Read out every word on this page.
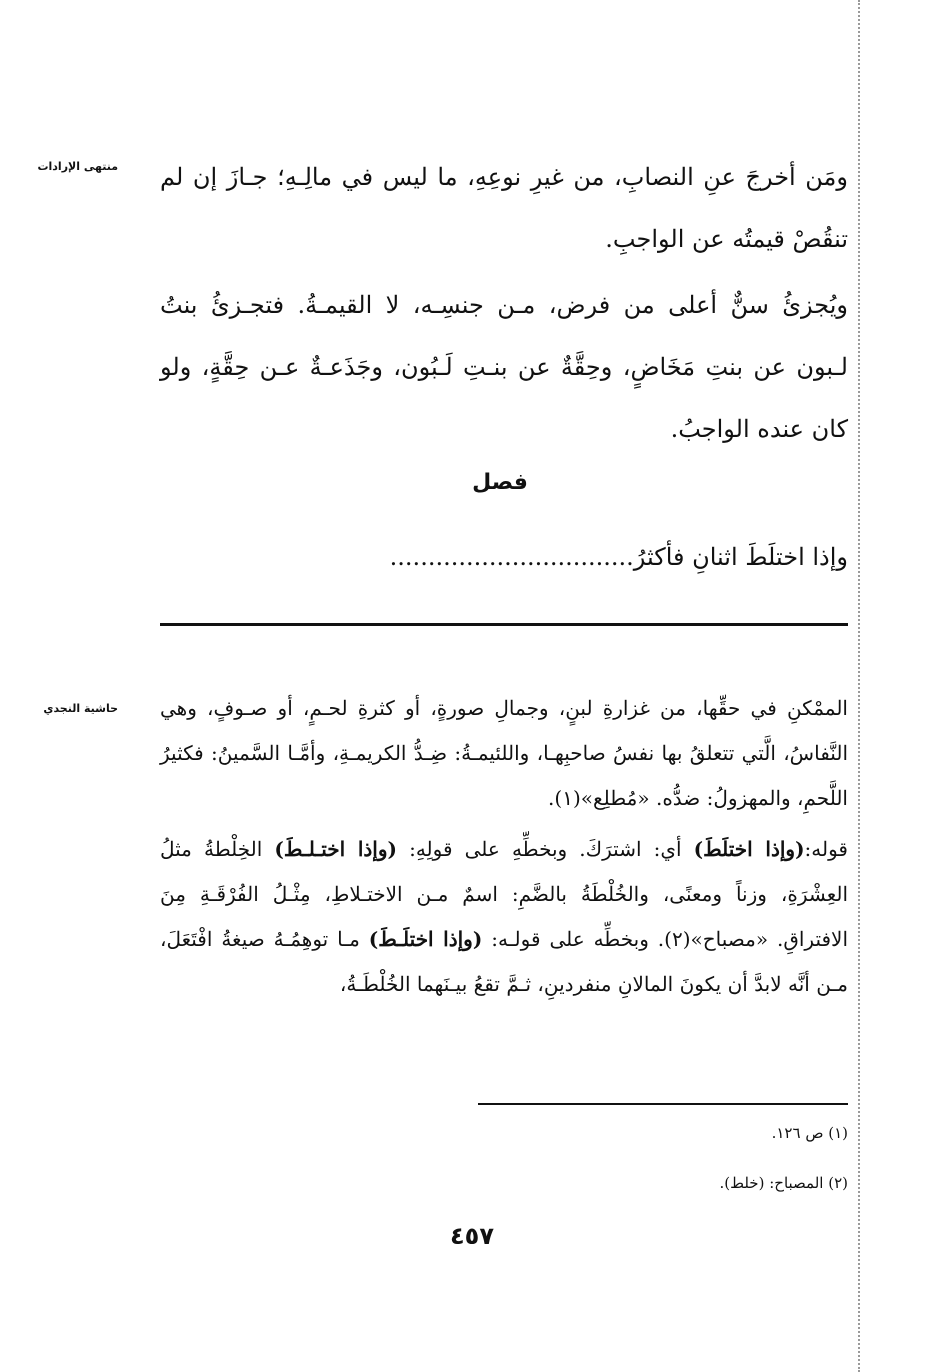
منتهى الإرادات ومَن أخرجَ عنِ النصابِ، من غيرِ نوعِهِ، ما ليس في مالِـهِ؛ جـازَ إن لم تنقُصْ قيمتُه عن الواجبِ.

ويُجزئُ سنٌّ أعلى من فرض، مـن جنسِـه، لا القيمـةُ. فتجـزئُ بنتُ لـبون عن بنتِ مَخَاضٍ، وحِقَّةٌ عن بنـتِ لَـبُون، وجَذَعـةٌ عـن حِقَّةٍ، ولو كان عنده الواجبُ.

فصل
وإذا اختلَطَ اثنانِ فأكثرُ................................
حاشية النجدي الممْكنِ في حقِّها، من غزارةِ لبنٍ، وجمالِ صورةٍ، أو كثرةِ لحـمٍ، أو صـوفٍ، وهي النَّفاسُ، الَّتي تتعلقُ بها نفسُ صاحبِهـا، واللئيمـةُ: ضِـدُّ الكريمـةِ، وأمَّـا السَّمينُ: فكثيرُ اللَّحمِ، والمهزولُ: ضدُّه. «مُطلِع»(١).

قوله:(وإذا اختلَطَ) أي: اشترَكَ. وبخطِّهِ على قولِهِ: (وإذا اختـلـطَ) الخِلْطةُ مثلُ العِشْرَةِ، وزناً ومعنًى، والخُلْطَةُ بالضَّمِ: اسمٌ مـن الاختـلاطِ، مِثْـلُ الفُرْقَـةِ مِنَ الافتراقِ. «مصباح»(٢). وبخطِّه على قولـه: (وإذا اختلَـطَ) مـا توهِمُـهُ صيغةُ افْتَعَلَ، مـن أنَّه لابدَّ أن يكونَ المالانِ منفردينِ، ثـمَّ تقعُ بيـنَهما الخُلْطَـةُ،

(١) ص ١٢٦.
(٢) المصباح: (خلط).
٤٥٧
